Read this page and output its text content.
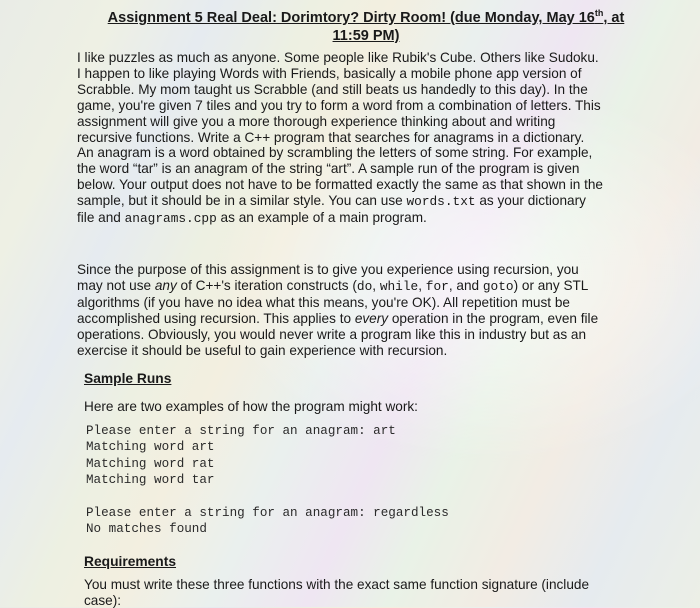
Assignment 5 Real Deal: Dorimtory? Dirty Room! (due Monday, May 16th, at
11:59 PM)

I like puzzles as much as anyone. Some people like Rubik's Cube. Others like Sudoku.
I happen to like playing Words with Friends, basically a mobile phone app version of
Scrabble. My mom taught us Scrabble (and still beats us handedly to this day). In the
game, you're given 7 tiles and you try to form a word from a combination of letters. This
assignment will give you a more thorough experience thinking about and writing
recursive functions. Write a C++ program that searches for anagrams in a dictionary.
An anagram is a word obtained by scrambling the letters of some string. For example,
the word “tar” is an anagram of the string “art”. A sample run of the program is given
below. Your output does not have to be formatted exactly the same as that shown in the
sample, but it should be in a similar style. You can use words.txt as your dictionary
file and anagrams.cpp as an example of a main program.

Since the purpose of this assignment is to give you experience using recursion, you
may not use any of C++'s iteration constructs (do, while, for, and goto) or any STL
algorithms (if you have no idea what this means, you're OK). All repetition must be
accomplished using recursion. This applies to every operation in the program, even file
operations. Obviously, you would never write a program like this in industry but as an
exercise it should be useful to gain experience with recursion.

Sample Runs
Here are two examples of how the program might work:
Please enter a string for an anagram: art
Matching word art
Matching word rat
Matching word tar
Please enter a string for an anagram: regardless
No matches found
Requirements
You must write these three functions with the exact same function signature (include
case):
